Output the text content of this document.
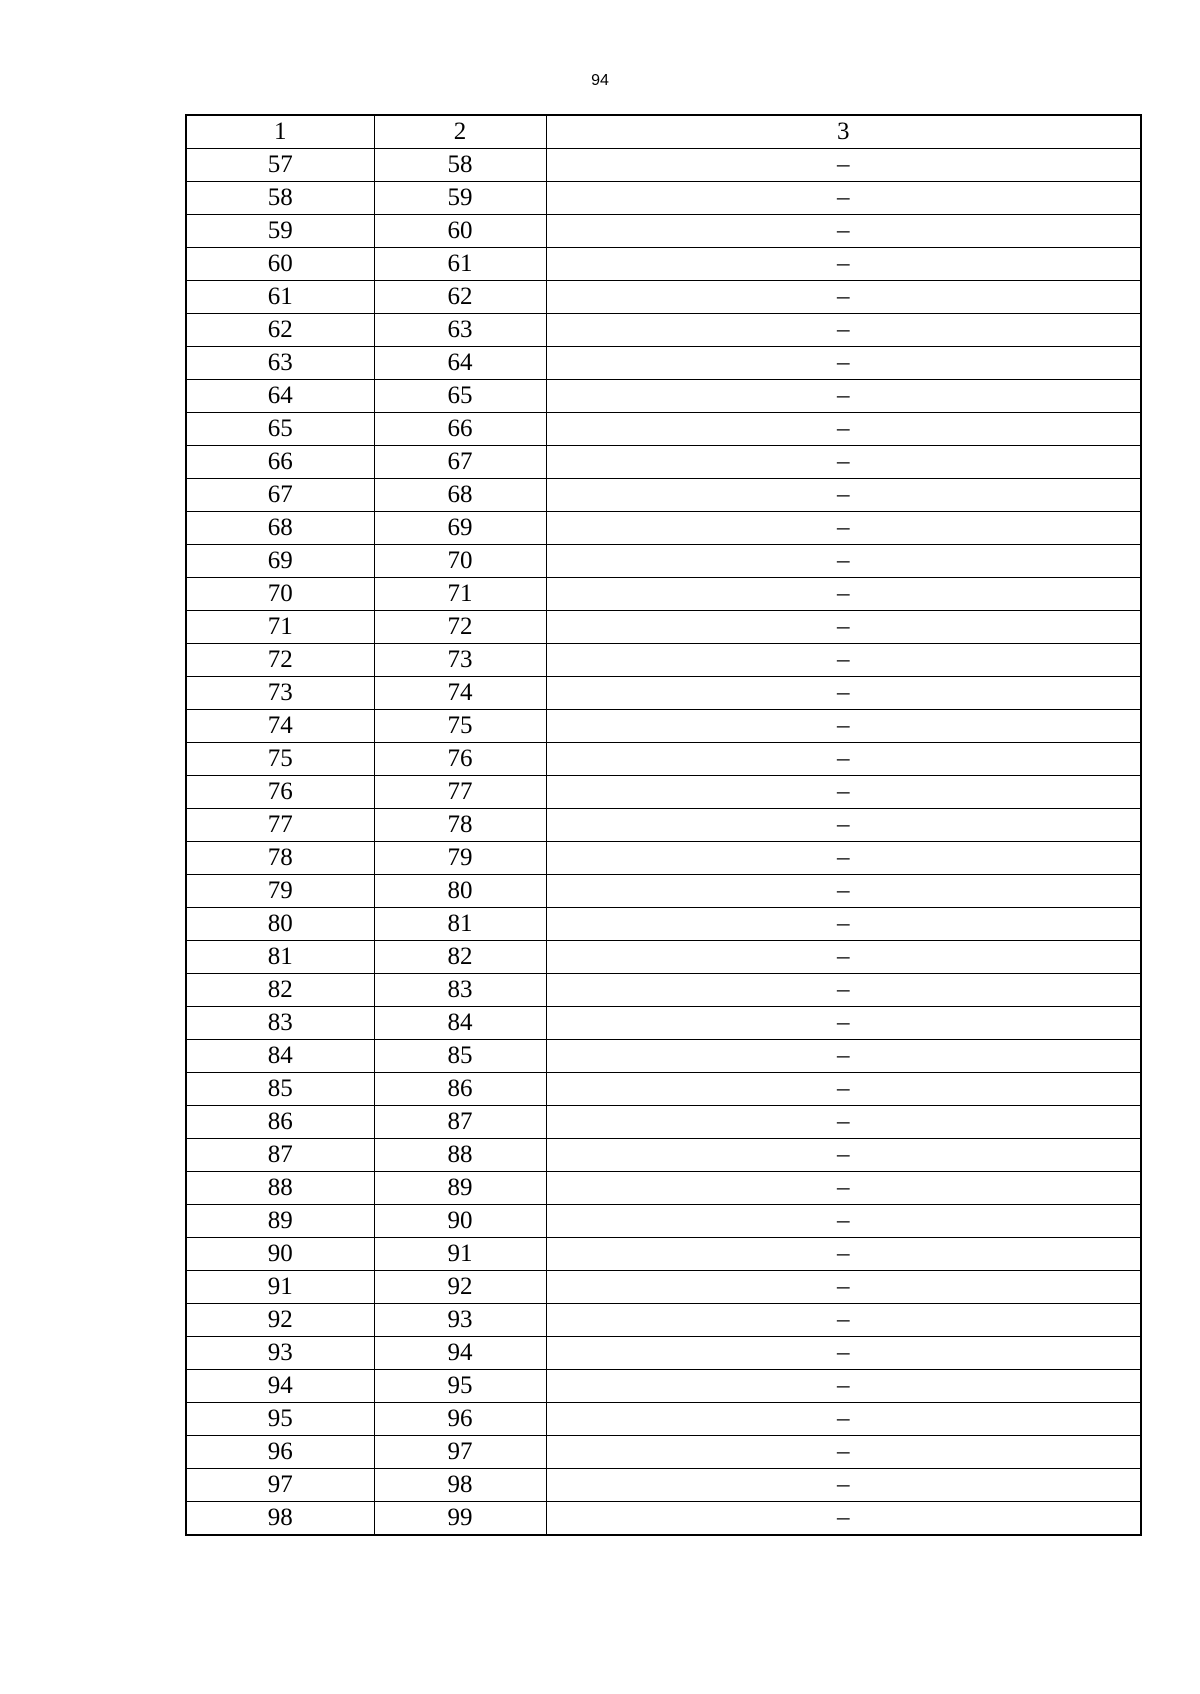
94
1	2	3
57	58	–
58	59	–
59	60	–
60	61	–
61	62	–
62	63	–
63	64	–
64	65	–
65	66	–
66	67	–
67	68	–
68	69	–
69	70	–
70	71	–
71	72	–
72	73	–
73	74	–
74	75	–
75	76	–
76	77	–
77	78	–
78	79	–
79	80	–
80	81	–
81	82	–
82	83	–
83	84	–
84	85	–
85	86	–
86	87	–
87	88	–
88	89	–
89	90	–
90	91	–
91	92	–
92	93	–
93	94	–
94	95	–
95	96	–
96	97	–
97	98	–
98	99	–
